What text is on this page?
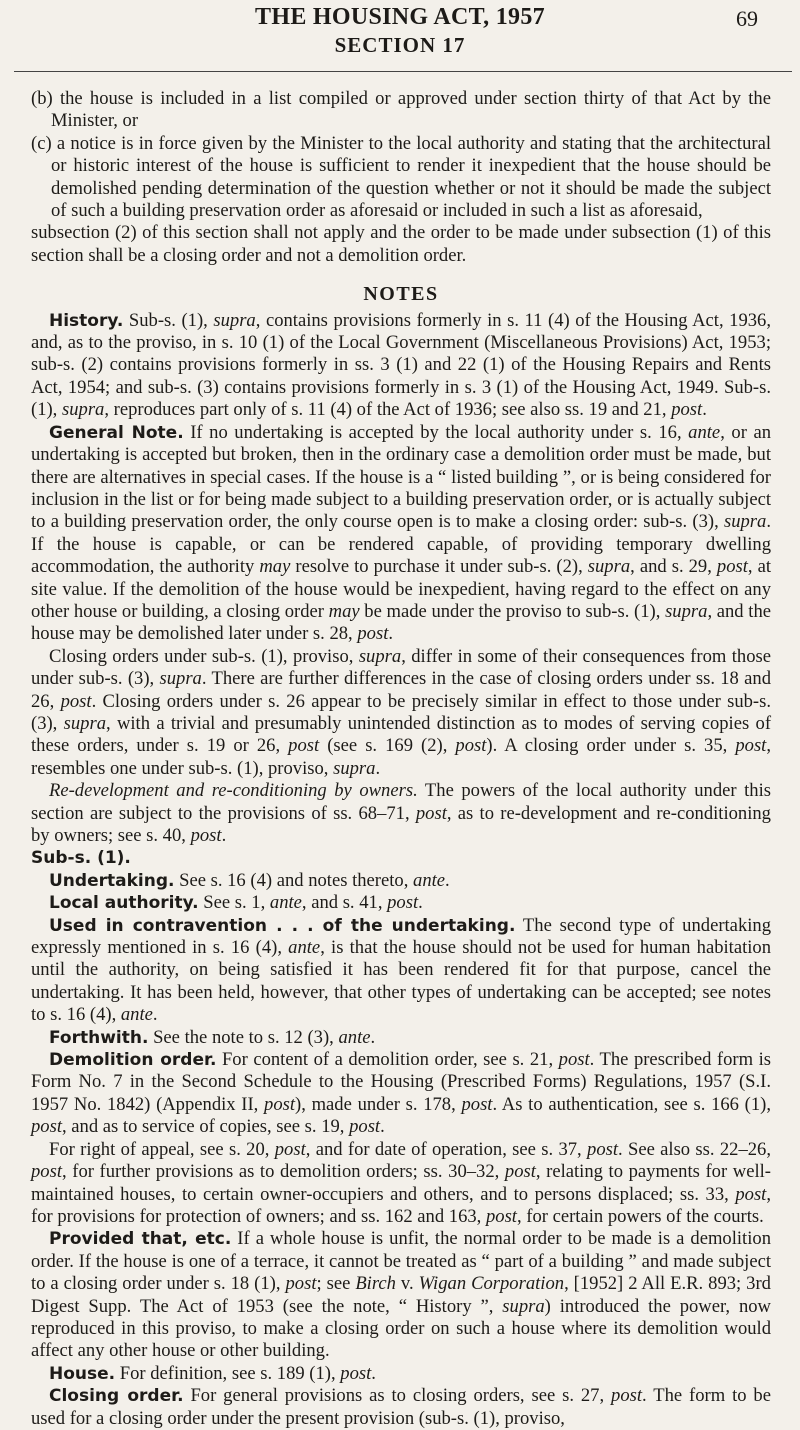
THE HOUSING ACT, 1957	69
SECTION 17

(b) the house is included in a list compiled or approved under section thirty of that Act by the Minister, or

(c) a notice is in force given by the Minister to the local authority and stating that the architectural or historic interest of the house is sufficient to render it inexpedient that the house should be demolished pending determination of the question whether or not it should be made the subject of such a building preservation order as aforesaid or included in such a list as aforesaid,

subsection (2) of this section shall not apply and the order to be made under subsection (1) of this section shall be a closing order and not a demolition order.

NOTES

History. Sub-s. (1), supra, contains provisions formerly in s. 11 (4) of the Housing Act, 1936, and, as to the proviso, in s. 10 (1) of the Local Government (Miscellaneous Provisions) Act, 1953; sub-s. (2) contains provisions formerly in ss. 3 (1) and 22 (1) of the Housing Repairs and Rents Act, 1954; and sub-s. (3) contains provisions formerly in s. 3 (1) of the Housing Act, 1949. Sub-s. (1), supra, reproduces part only of s. 11 (4) of the Act of 1936; see also ss. 19 and 21, post.

General Note. If no undertaking is accepted by the local authority under s. 16, ante, or an undertaking is accepted but broken, then in the ordinary case a demolition order must be made, but there are alternatives in special cases. If the house is a “ listed building ”, or is being considered for inclusion in the list or for being made subject to a building preservation order, or is actually subject to a building preservation order, the only course open is to make a closing order: sub-s. (3), supra. If the house is capable, or can be rendered capable, of providing temporary dwelling accommodation, the authority may resolve to purchase it under sub-s. (2), supra, and s. 29, post, at site value. If the demolition of the house would be inexpedient, having regard to the effect on any other house or building, a closing order may be made under the proviso to sub-s. (1), supra, and the house may be demolished later under s. 28, post.

Closing orders under sub-s. (1), proviso, supra, differ in some of their consequences from those under sub-s. (3), supra. There are further differences in the case of closing orders under ss. 18 and 26, post. Closing orders under s. 26 appear to be precisely similar in effect to those under sub-s. (3), supra, with a trivial and presumably unintended distinction as to modes of serving copies of these orders, under s. 19 or 26, post (see s. 169 (2), post). A closing order under s. 35, post, resembles one under sub-s. (1), proviso, supra.

Re-development and re-conditioning by owners. The powers of the local authority under this section are subject to the provisions of ss. 68–71, post, as to re-development and re-conditioning by owners; see s. 40, post.

Sub-s. (1).

Undertaking. See s. 16 (4) and notes thereto, ante.

Local authority. See s. 1, ante, and s. 41, post.

Used in contravention . . . of the undertaking. The second type of undertaking expressly mentioned in s. 16 (4), ante, is that the house should not be used for human habitation until the authority, on being satisfied it has been rendered fit for that purpose, cancel the undertaking. It has been held, however, that other types of undertaking can be accepted; see notes to s. 16 (4), ante.

Forthwith. See the note to s. 12 (3), ante.

Demolition order. For content of a demolition order, see s. 21, post. The prescribed form is Form No. 7 in the Second Schedule to the Housing (Prescribed Forms) Regulations, 1957 (S.I. 1957 No. 1842) (Appendix II, post), made under s. 178, post. As to authentication, see s. 166 (1), post, and as to service of copies, see s. 19, post.

For right of appeal, see s. 20, post, and for date of operation, see s. 37, post. See also ss. 22–26, post, for further provisions as to demolition orders; ss. 30–32, post, relating to payments for well-maintained houses, to certain owner-occupiers and others, and to persons displaced; ss. 33, post, for provisions for protection of owners; and ss. 162 and 163, post, for certain powers of the courts.

Provided that, etc. If a whole house is unfit, the normal order to be made is a demolition order. If the house is one of a terrace, it cannot be treated as “ part of a building ” and made subject to a closing order under s. 18 (1), post; see Birch v. Wigan Corporation, [1952] 2 All E.R. 893; 3rd Digest Supp. The Act of 1953 (see the note, “ History ”, supra) introduced the power, now reproduced in this proviso, to make a closing order on such a house where its demolition would affect any other house or other building.

House. For definition, see s. 189 (1), post.

Closing order. For general provisions as to closing orders, see s. 27, post. The form to be used for a closing order under the present provision (sub-s. (1), proviso,
